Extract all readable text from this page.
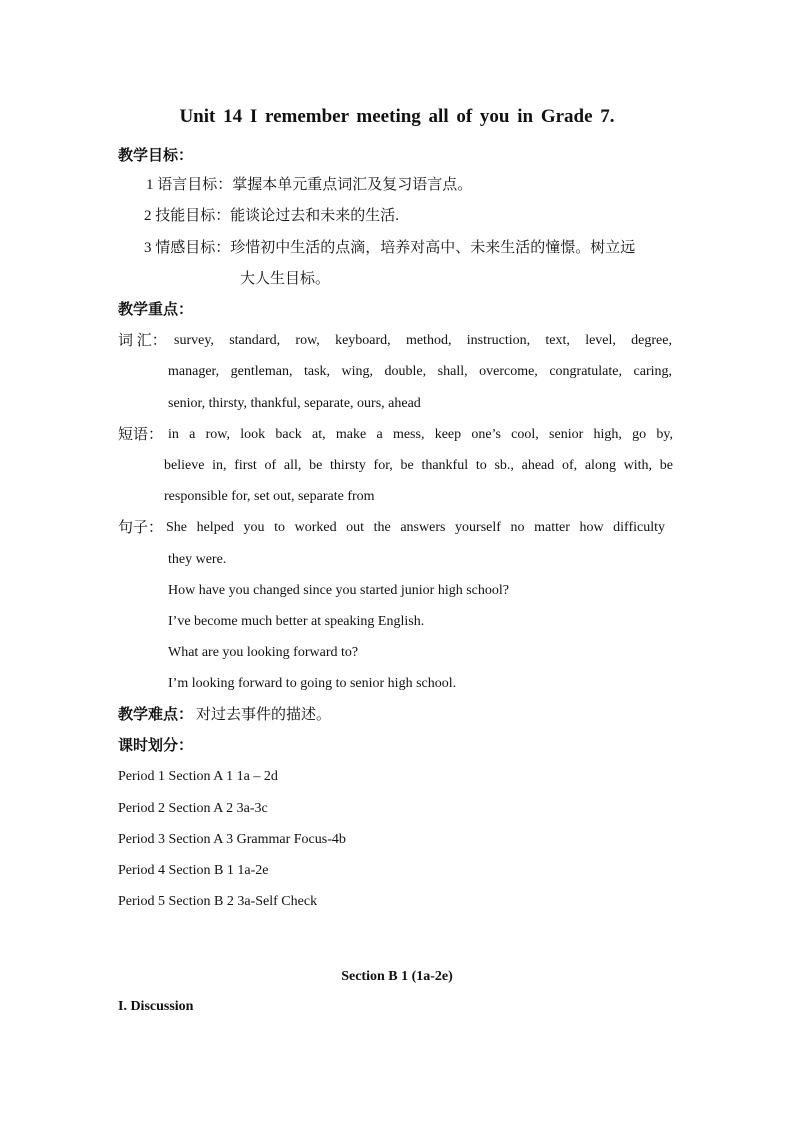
Unit 14 I remember meeting all of you in Grade 7.
教学目标：
1 语言目标：掌握本单元重点词汇及复习语言点。
2 技能目标：能谈论过去和未来的生活.
3 情感目标：珍惜初中生活的点滴，培养对高中、未来生活的憧憬。树立远
大人生目标。
教学重点：
词 汇： survey, standard, row, keyboard, method, instruction, text, level, degree,
manager, gentleman, task, wing, double, shall, overcome, congratulate, caring,
senior, thirsty, thankful, separate, ours, ahead
短语： in a row, look back at, make a mess, keep one’s cool, senior high, go by,
believe in, first of all, be thirsty for, be thankful to sb., ahead of, along with, be
responsible for, set out, separate from
句子： She helped you to worked out the answers yourself no matter how difficulty
they were.
How have you changed since you started junior high school?
I’ve become much better at speaking English.
What are you looking forward to?
I’m looking forward to going to senior high school.
教学难点： 对过去事件的描述。
课时划分：
Period 1 Section A 1 1a – 2d
Period 2 Section A 2 3a-3c
Period 3 Section A 3 Grammar Focus-4b
Period 4 Section B 1 1a-2e
Period 5 Section B 2 3a-Self Check
Section B 1 (1a-2e)
I. Discussion
